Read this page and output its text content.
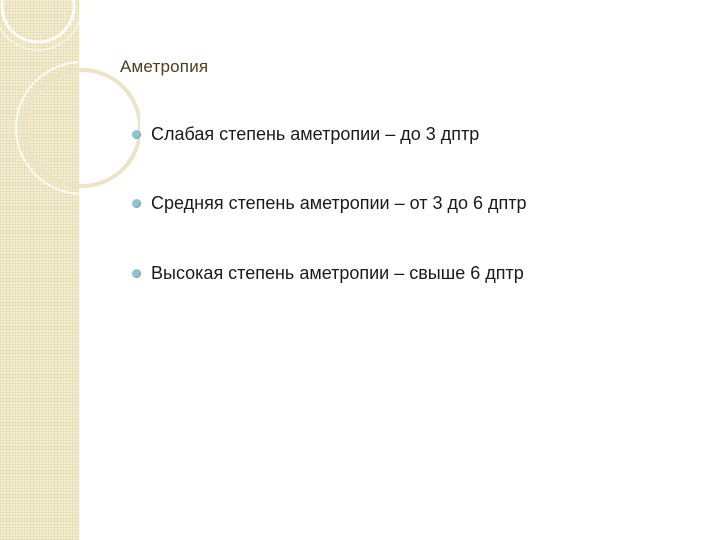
Аметропия
Слабая степень аметропии – до 3 дптр
Средняя степень аметропии – от 3 до 6 дптр
Высокая степень аметропии – свыше 6 дптр
